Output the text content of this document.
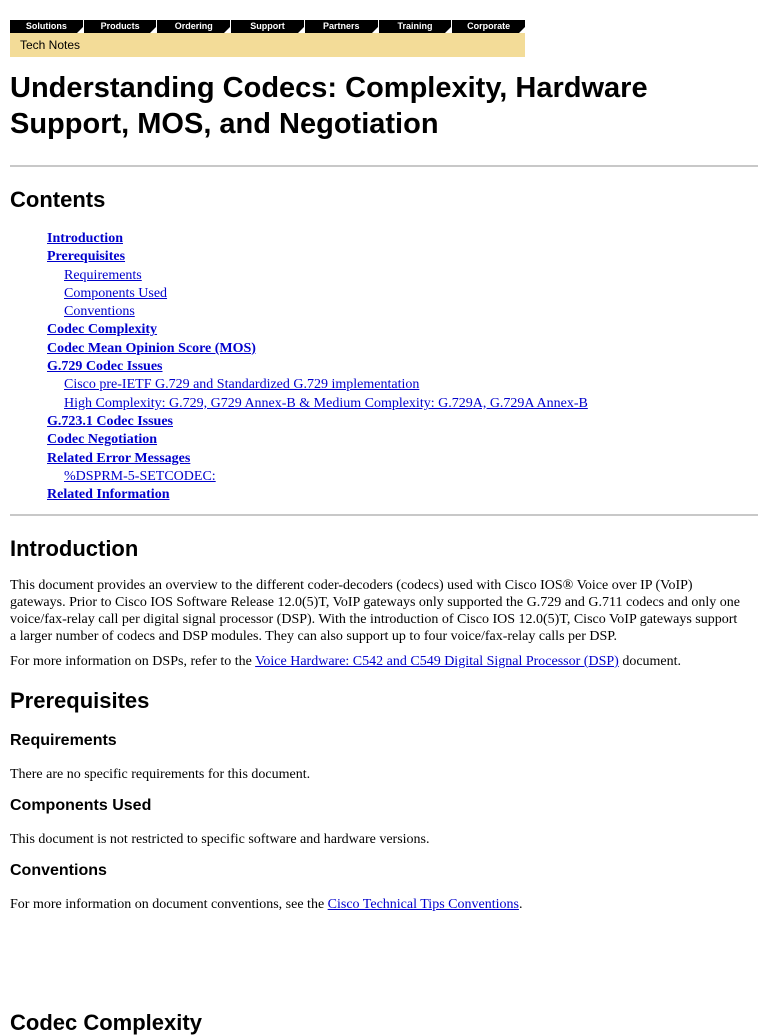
Solutions	Products	Ordering	Support	Partners	Training	Corporate
Tech Notes
Understanding Codecs: Complexity, Hardware Support, MOS, and Negotiation
Contents
Introduction
Prerequisites
Requirements
Components Used
Conventions
Codec Complexity
Codec Mean Opinion Score (MOS)
G.729 Codec Issues
Cisco pre-IETF G.729 and Standardized G.729 implementation
High Complexity: G.729, G729 Annex-B & Medium Complexity: G.729A, G.729A Annex-B
G.723.1 Codec Issues
Codec Negotiation
Related Error Messages
%DSPRM-5-SETCODEC:
Related Information
Introduction

This document provides an overview to the different coder-decoders (codecs) used with Cisco IOS® Voice over IP (VoIP) gateways. Prior to Cisco IOS Software Release 12.0(5)T, VoIP gateways only supported the G.729 and G.711 codecs and only one voice/fax-relay call per digital signal processor (DSP). With the introduction of Cisco IOS 12.0(5)T, Cisco VoIP gateways support a larger number of codecs and DSP modules. They can also support up to four voice/fax-relay calls per DSP.

For more information on DSPs, refer to the Voice Hardware: C542 and C549 Digital Signal Processor (DSP) document.

Prerequisites
Requirements

There are no specific requirements for this document.

Components Used

This document is not restricted to specific software and hardware versions.

Conventions

For more information on document conventions, see the Cisco Technical Tips Conventions.

Codec Complexity
